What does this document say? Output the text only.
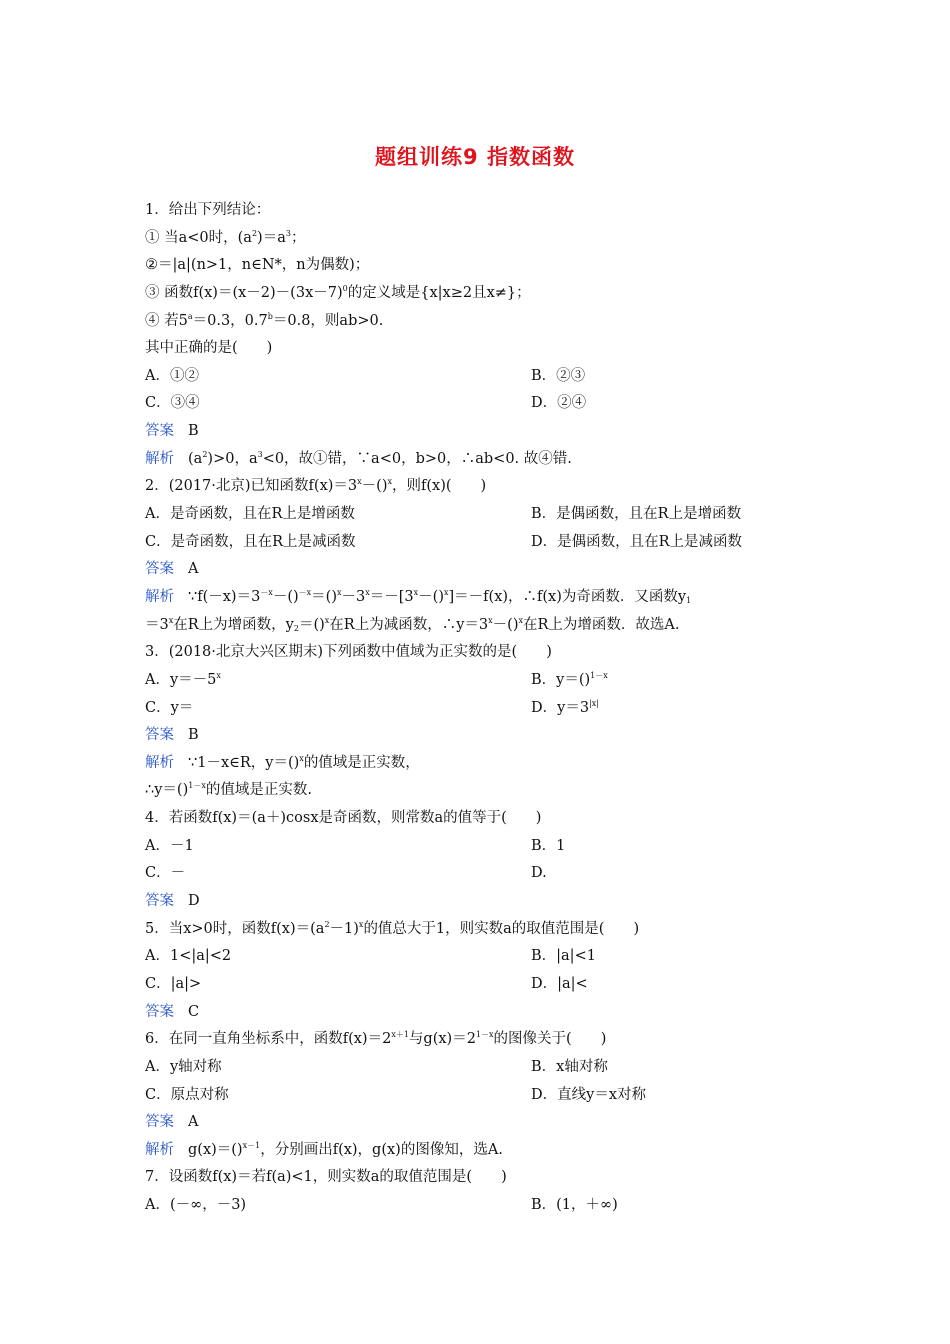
题组训练9 指数函数
1．给出下列结论：
① 当a<0时，$(a^2)=a^3$；
②＝|a|(n>1，n∈N*，n为偶数)；
③ 函数$f(x)=(x-2)-(3x-7)^0$的定义域是{x|x≥2且x≠}；
④ 若$5^a=0.3$，0.7$^b$＝0.8，则ab>0.
其中正确的是(　　)
A．①②	B．②③
C．③④	D．②④
答案 B
解析 $(a^2)>0$，$a^3<0$，故①错，∵a<0，b>0，∴ab<0. 故④错.
2．(2017·北京)已知函数$f(x)=3^x-()^x$，则f(x)(　　)
A．是奇函数，且在R上是增函数	B．是偶函数，且在R上是增函数
C．是奇函数，且在R上是减函数	D．是偶函数，且在R上是减函数
答案 A
解析 $\because f(-x)=3^{-x}-()^{-x}=()^x-3^x=-[3^x-()^x]=-f(x)$，∴f(x)为奇函数．又函数$y_1$
$=3^x$在R上为增函数，$y_2=()^x$在R上为减函数，$\therefore y=3^x-()^x$在R上为增函数．故选A.
3．(2018·北京大兴区期末)下列函数中值域为正实数的是(　　)
A．$y=-5^x$	B．y＝()$^{1-x}$
C．y＝	D．$y=3^{|x|}$
答案 B
解析 ∵1－x∈R，y＝()$^x$的值域是正实数，
∴y＝()$^{1-x}$的值域是正实数.
4．若函数f(x)＝(a＋)cosx是奇函数，则常数a的值等于(　　)
A．－1	B．1
C．－	D.
答案 D
5．当x>0时，函数$f(x)=(a^2-1)^x$的值总大于1，则实数a的取值范围是(　　)
A．1<|a|<2	B．|a|<1
C．|a|>	D．|a|<
答案 C
6．在同一直角坐标系中，函数$f(x)=2^{x+1}$与$g(x)=2^{1-x}$的图像关于(　　)
A．y轴对称	B．x轴对称
C．原点对称	D．直线y＝x对称
答案 A
解析 g(x)＝()$^{x-1}$，分别画出f(x)，g(x)的图像知，选A.
7．设函数f(x)＝若f(a)<1，则实数a的取值范围是(　　)
A．(－∞，－3)	B．(1，＋∞)
